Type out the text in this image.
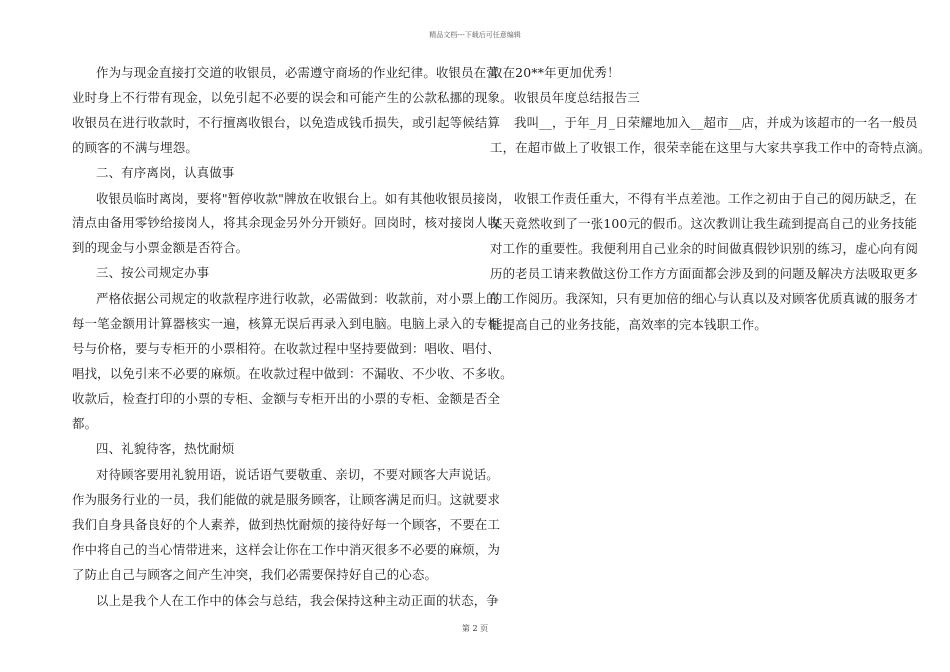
精品文档---下载后可任意编辑
作为与现金直接打交道的收银员，必需遵守商场的作业纪律。收银员在营
业时身上不行带有现金，以免引起不必要的误会和可能产生的公款私挪的现象。
收银员在进行收款时，不行擅离收银台，以免造成钱币损失，或引起等候结算
的顾客的不满与埋怨。
二、有序离岗，认真做事
收银员临时离岗，要将"暂停收款"牌放在收银台上。如有其他收银员接岗，
清点由备用零钞给接岗人，将其余现金另外分开锁好。回岗时，核对接岗人收
到的现金与小票金额是否符合。
三、按公司规定办事
严格依据公司规定的收款程序进行收款，必需做到：收款前，对小票上的
每一笔金额用计算器核实一遍，核算无误后再录入到电脑。电脑上录入的专柜
号与价格，要与专柜开的小票相符。在收款过程中坚持要做到：唱收、唱付、
唱找，以免引来不必要的麻烦。在收款过程中做到：不漏收、不少收、不多收。
收款后，检查打印的小票的专柜、金额与专柜开出的小票的专柜、金额是否全
都。
四、礼貌待客，热忱耐烦
对待顾客要用礼貌用语，说话语气要敬重、亲切，不要对顾客大声说话。
作为服务行业的一员，我们能做的就是服务顾客，让顾客满足而归。这就要求
我们自身具备良好的个人素养，做到热忱耐烦的接待好每一个顾客，不要在工
作中将自己的当心情带进来，这样会让你在工作中消灭很多不必要的麻烦，为
了防止自己与顾客之间产生冲突，我们必需要保持好自己的心态。
以上是我个人在工作中的体会与总结，我会保持这种主动正面的状态，争
取在20**年更加优秀！
收银员年度总结报告三
我叫__，于年_月_日荣耀地加入__超市__店，并成为该超市的一名一般员
工，在超市做上了收银工作，很荣幸能在这里与大家共享我工作中的奇特点滴。
收银工作责任重大，不得有半点差池。工作之初由于自己的阅历缺乏，在
某天竟然收到了一张100元的假币。这次教训让我生疏到提高自己的业务技能
对工作的重要性。我便利用自己业余的时间做真假钞识别的练习，虚心向有阅
历的老员工请来教做这份工作方方面面都会涉及到的问题及解决方法吸取更多
的工作阅历。我深知，只有更加倍的细心与认真以及对顾客优质真诚的服务才
能提高自己的业务技能，高效率的完本钱职工作。
第 2 页
